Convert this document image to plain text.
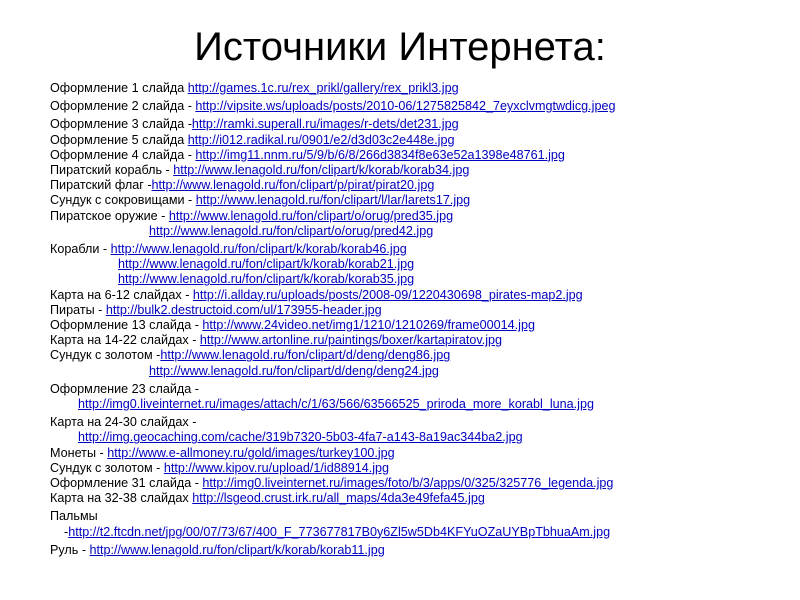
Источники Интернета:
Оформление 1 слайда http://games.1c.ru/rex_prikl/gallery/rex_prikl3.jpg
Оформление 2 слайда - http://vipsite.ws/uploads/posts/2010-06/1275825842_7eyxclvmgtwdicg.jpeg
Оформление 3 слайда -http://ramki.superall.ru/images/r-dets/det231.jpg
Оформление 5 слайда http://i012.radikal.ru/0901/e2/d3d03c2e448e.jpg
Оформление 4 слайда - http://img11.nnm.ru/5/9/b/6/8/266d3834f8e63e52a1398e48761.jpg
Пиратский корабль - http://www.lenagold.ru/fon/clipart/k/korab/korab34.jpg
Пиратский флаг -http://www.lenagold.ru/fon/clipart/p/pirat/pirat20.jpg
Сундук с сокровищами - http://www.lenagold.ru/fon/clipart/l/lar/larets17.jpg
Пиратское оружие - http://www.lenagold.ru/fon/clipart/o/orug/pred35.jpg
http://www.lenagold.ru/fon/clipart/o/orug/pred42.jpg
Корабли - http://www.lenagold.ru/fon/clipart/k/korab/korab46.jpg
http://www.lenagold.ru/fon/clipart/k/korab/korab21.jpg
http://www.lenagold.ru/fon/clipart/k/korab/korab35.jpg
Карта на 6-12 слайдах - http://i.allday.ru/uploads/posts/2008-09/1220430698_pirates-map2.jpg
Пираты - http://bulk2.destructoid.com/ul/173955-header.jpg
Оформление 13 слайда - http://www.24video.net/img1/1210/1210269/frame00014.jpg
Карта на 14-22 слайдах - http://www.artonline.ru/paintings/boxer/kartapiratov.jpg
Сундук с золотом -http://www.lenagold.ru/fon/clipart/d/deng/deng86.jpg
http://www.lenagold.ru/fon/clipart/d/deng/deng24.jpg
Оформление 23 слайда -
http://img0.liveinternet.ru/images/attach/c/1/63/566/63566525_priroda_more_korabl_luna.jpg
Карта на 24-30 слайдах -
http://img.geocaching.com/cache/319b7320-5b03-4fa7-a143-8a19ac344ba2.jpg
Монеты - http://www.e-allmoney.ru/gold/images/turkey100.jpg
Сундук с золотом - http://www.kipov.ru/upload/1/id88914.jpg
Оформление 31 слайда - http://img0.liveinternet.ru/images/foto/b/3/apps/0/325/325776_legenda.jpg
Карта на 32-38 слайдах http://lsgeod.crust.irk.ru/all_maps/4da3e49fefa45.jpg
Пальмы
-http://t2.ftcdn.net/jpg/00/07/73/67/400_F_773677817B0y6Zl5w5Db4KFYuOZaUYBpTbhuaAm.jpg
Руль - http://www.lenagold.ru/fon/clipart/k/korab/korab11.jpg
